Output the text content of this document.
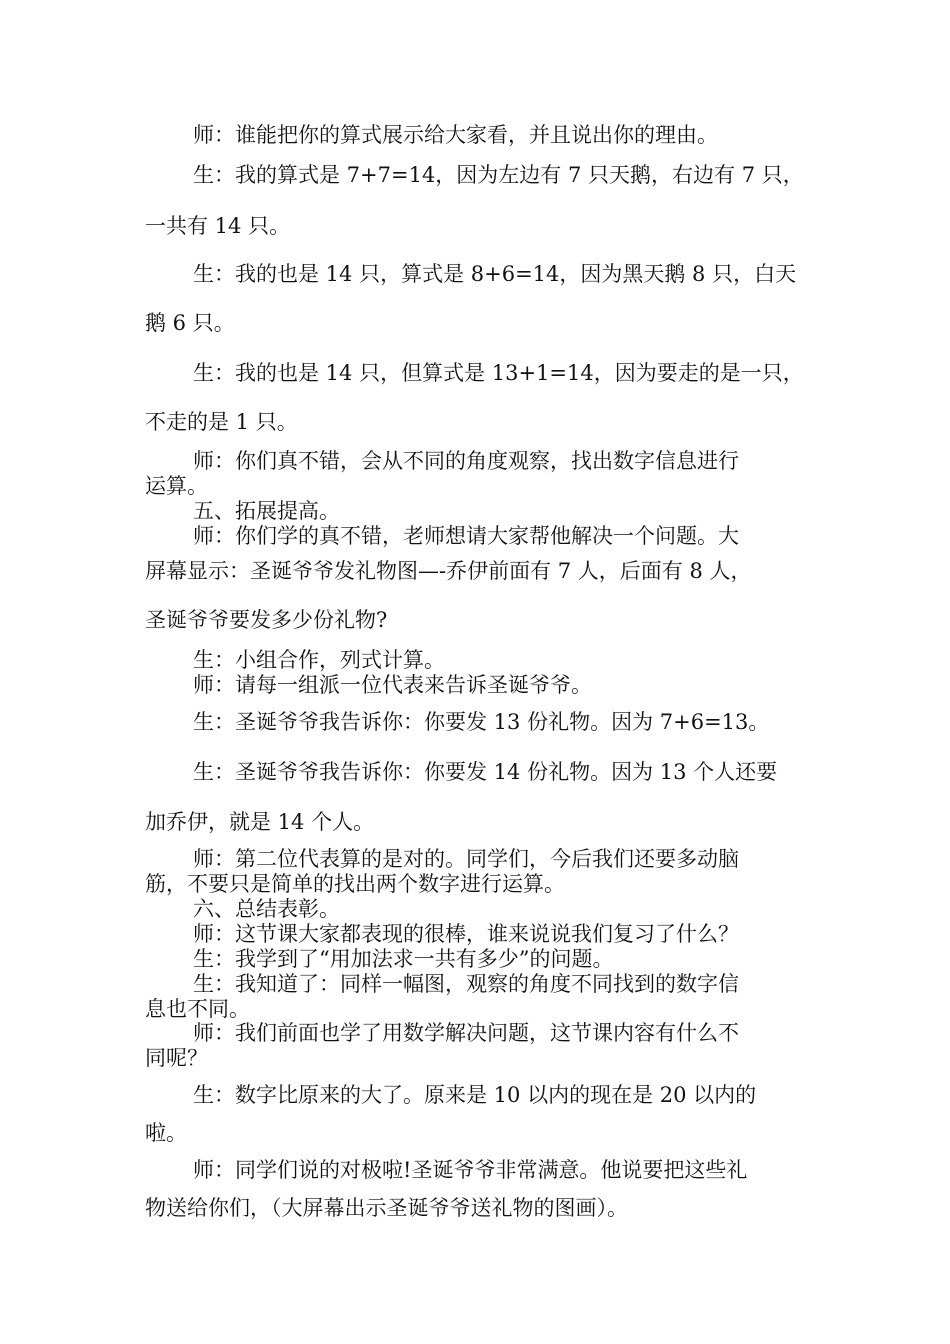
师：谁能把你的算式展示给大家看，并且说出你的理由。
生：我的算式是 7+7=14，因为左边有 7 只天鹅，右边有 7 只，
一共有 14 只。
生：我的也是 14 只，算式是 8+6=14，因为黑天鹅 8 只，白天
鹅 6 只。
生：我的也是 14 只，但算式是 13+1=14，因为要走的是一只，
不走的是 1 只。
师：你们真不错，会从不同的角度观察，找出数字信息进行
运算。
五、拓展提高。
师：你们学的真不错，老师想请大家帮他解决一个问题。大
屏幕显示：圣诞爷爷发礼物图—-乔伊前面有 7 人，后面有 8 人，
圣诞爷爷要发多少份礼物?
生：小组合作，列式计算。
师：请每一组派一位代表来告诉圣诞爷爷。
生：圣诞爷爷我告诉你：你要发 13 份礼物。因为 7+6=13。
生：圣诞爷爷我告诉你：你要发 14 份礼物。因为 13 个人还要
加乔伊，就是 14 个人。
师：第二位代表算的是对的。同学们，今后我们还要多动脑
筋，不要只是简单的找出两个数字进行运算。
六、总结表彰。
师：这节课大家都表现的很棒，谁来说说我们复习了什么？
生：我学到了“用加法求一共有多少”的问题。
生：我知道了：同样一幅图，观察的角度不同找到的数字信
息也不同。
师：我们前面也学了用数学解决问题，这节课内容有什么不
同呢？
生：数字比原来的大了。原来是 10 以内的现在是 20 以内的
啦。
师：同学们说的对极啦!圣诞爷爷非常满意。他说要把这些礼
物送给你们，（大屏幕出示圣诞爷爷送礼物的图画）。
